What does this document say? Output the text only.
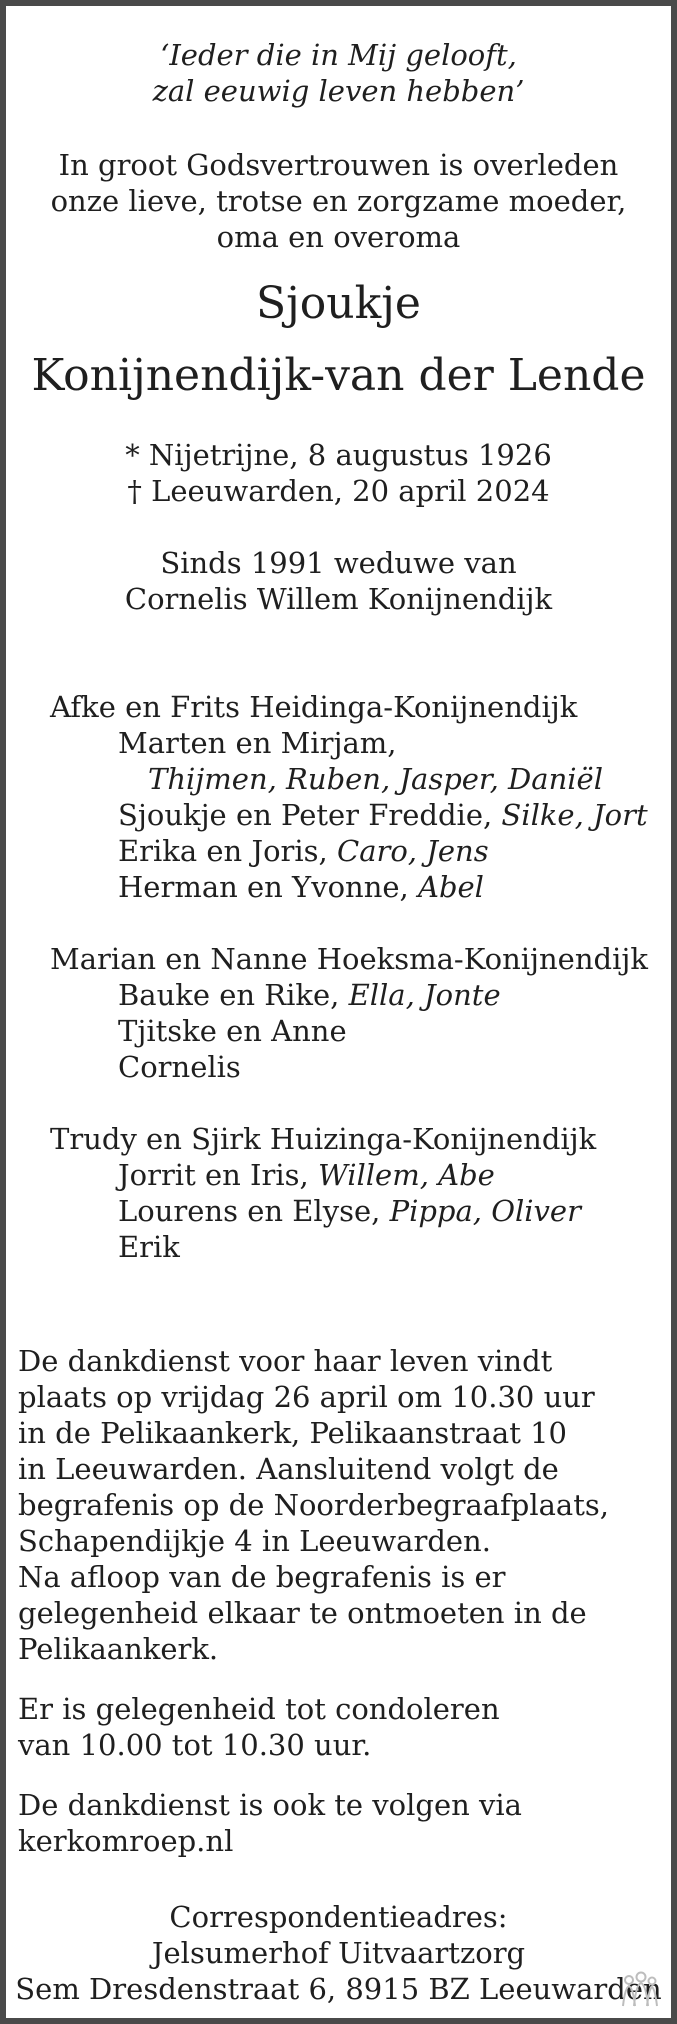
‘Ieder die in Mij gelooft,
zal eeuwig leven hebben’
In groot Godsvertrouwen is overleden
onze lieve, trotse en zorgzame moeder,
oma en overoma
Sjoukje
Konijnendijk-van der Lende
* Nijetrijne, 8 augustus 1926
† Leeuwarden, 20 april 2024
Sinds 1991 weduwe van
Cornelis Willem Konijnendijk
Afke en Frits Heidinga-Konijnendijk
Marten en Mirjam,
Thijmen, Ruben, Jasper, Daniël
Sjoukje en Peter Freddie, Silke, Jort
Erika en Joris, Caro, Jens
Herman en Yvonne, Abel
Marian en Nanne Hoeksma-Konijnendijk
Bauke en Rike, Ella, Jonte
Tjitske en Anne
Cornelis
Trudy en Sjirk Huizinga-Konijnendijk
Jorrit en Iris, Willem, Abe
Lourens en Elyse, Pippa, Oliver
Erik
De dankdienst voor haar leven vindt
plaats op vrijdag 26 april om 10.30 uur
in de Pelikaankerk, Pelikaanstraat 10
in Leeuwarden. Aansluitend volgt de
begrafenis op de Noorderbegraafplaats,
Schapendijkje 4 in Leeuwarden.
Na afloop van de begrafenis is er
gelegenheid elkaar te ontmoeten in de
Pelikaankerk.
Er is gelegenheid tot condoleren
van 10.00 tot 10.30 uur.
De dankdienst is ook te volgen via
kerkomroep.nl
Correspondentieadres:
Jelsumerhof Uitvaartzorg
Sem Dresdenstraat 6, 8915 BZ Leeuwarden
